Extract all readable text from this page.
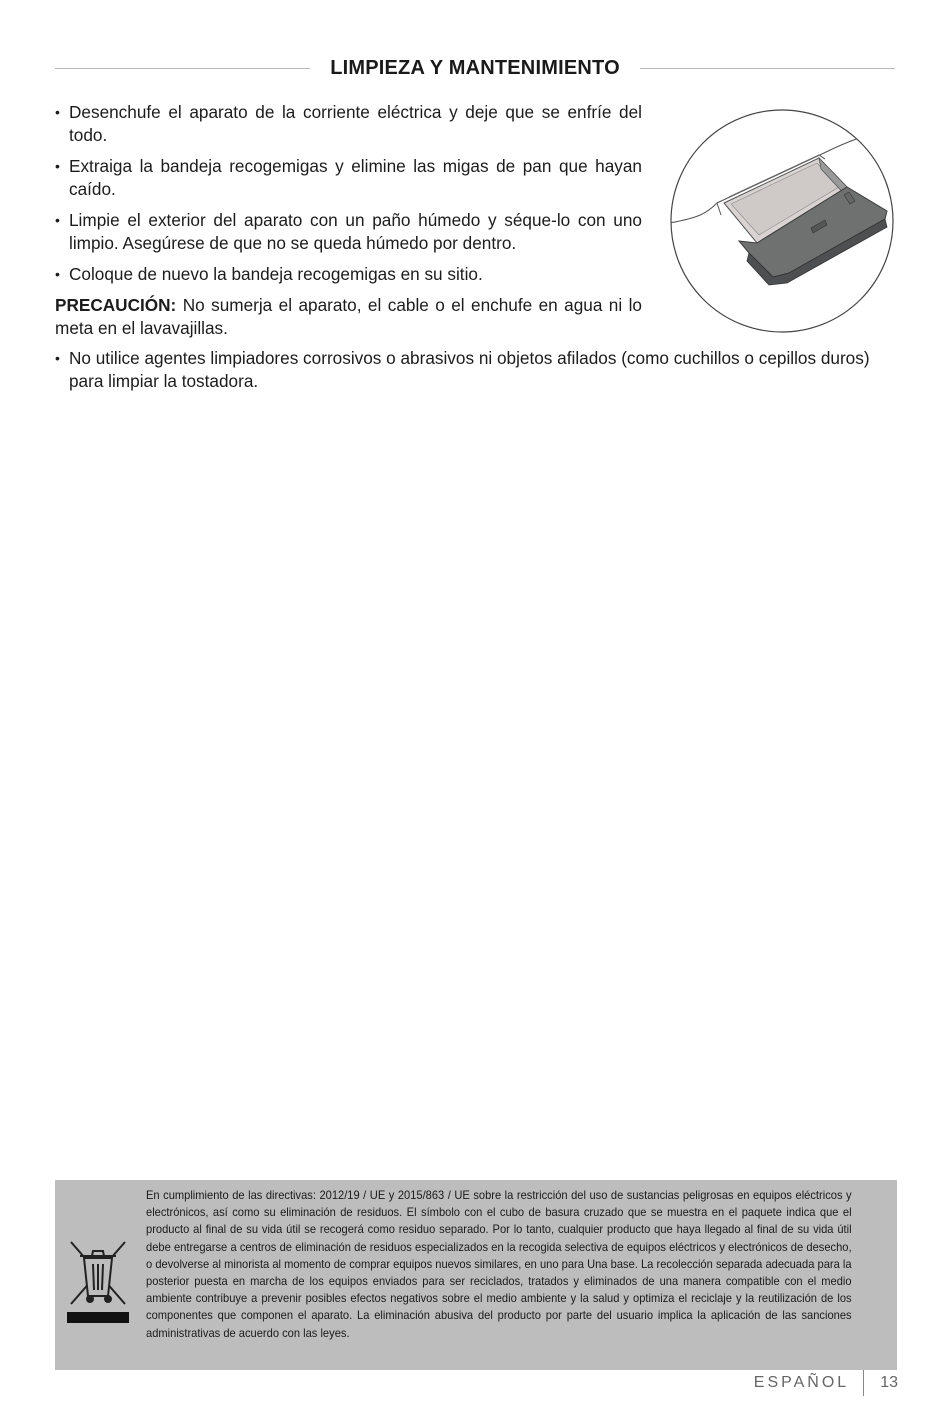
LIMPIEZA Y MANTENIMIENTO
• Desenchufe el aparato de la corriente eléctrica y deje que se enfríe del todo.
• Extraiga la bandeja recogemigas y elimine las migas de pan que hayan caído.
• Limpie el exterior del aparato con un paño húmedo y séque-lo con uno limpio. Asegúrese de que no se queda húmedo por dentro.
• Coloque de nuevo la bandeja recogemigas en su sitio.

PRECAUCIÓN: No sumerja el aparato, el cable o el enchufe en agua ni lo meta en el lavavajillas.

• No utilice agentes limpiadores corrosivos o abrasivos ni objetos afilados (como cuchillos o cepillos duros) para limpiar la tostadora.
En cumplimiento de las directivas: 2012/19 / UE y 2015/863 / UE sobre la restricción del uso de sustancias peligrosas en equipos eléctricos y electrónicos, así como su eliminación de residuos. El símbolo con el cubo de basura cruzado que se muestra en el paquete indica que el producto al final de su vida útil se recogerá como residuo separado. Por lo tanto, cualquier producto que haya llegado al final de su vida útil debe entregarse a centros de eliminación de residuos especializados en la recogida selectiva de equipos eléctricos y electrónicos de desecho, o devolverse al minorista al momento de comprar equipos nuevos similares, en uno para Una base. La recolección separada adecuada para la posterior puesta en marcha de los equipos enviados para ser reciclados, tratados y eliminados de una manera compatible con el medio ambiente contribuye a prevenir posibles efectos negativos sobre el medio ambiente y la salud y optimiza el reciclaje y la reutilización de los componentes que componen el aparato. La eliminación abusiva del producto por parte del usuario implica la aplicación de las sanciones administrativas de acuerdo con las leyes.
ESPAÑOL 13
